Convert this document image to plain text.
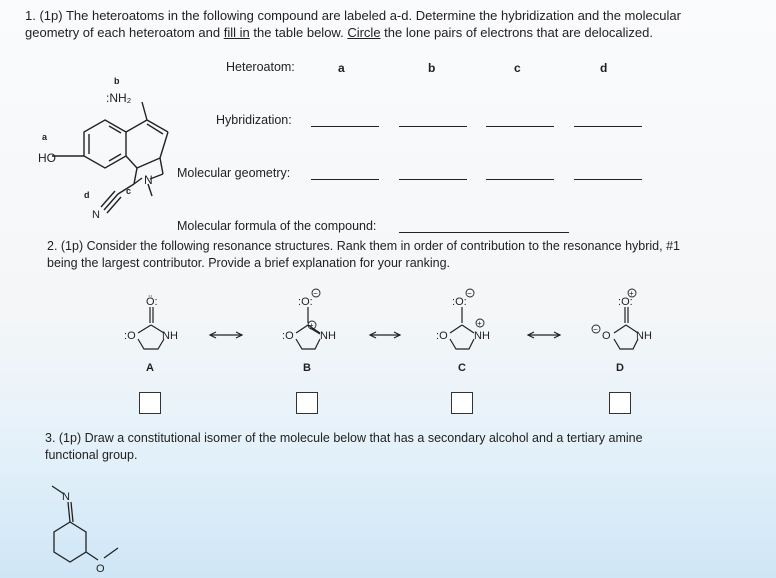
1. (1p) The heteroatoms in the following compound are labeled a-d. Determine the hybridization and the molecular
geometry of each heteroatom and fill in the table below. Circle the lone pairs of electrons that are delocalized.
Heteroatom:	a	b	c	d
Hybridization:
Molecular geometry:
Molecular formula of the compound:
N
:NH₂
b
HO
a
c
N
d
2. (1p) Consider the following resonance structures. Rank them in order of contribution to the resonance hybrid, #1
being the largest contributor. Provide a brief explanation for your ranking.
Ö:
:O NH
:O:
−
:O
+
NH
:O:
−
:O
+
NH
:O:
+
−
O NH
A	B	C	D
3. (1p) Draw a constitutional isomer of the molecule below that has a secondary alcohol and a tertiary amine
functional group.
N
O
